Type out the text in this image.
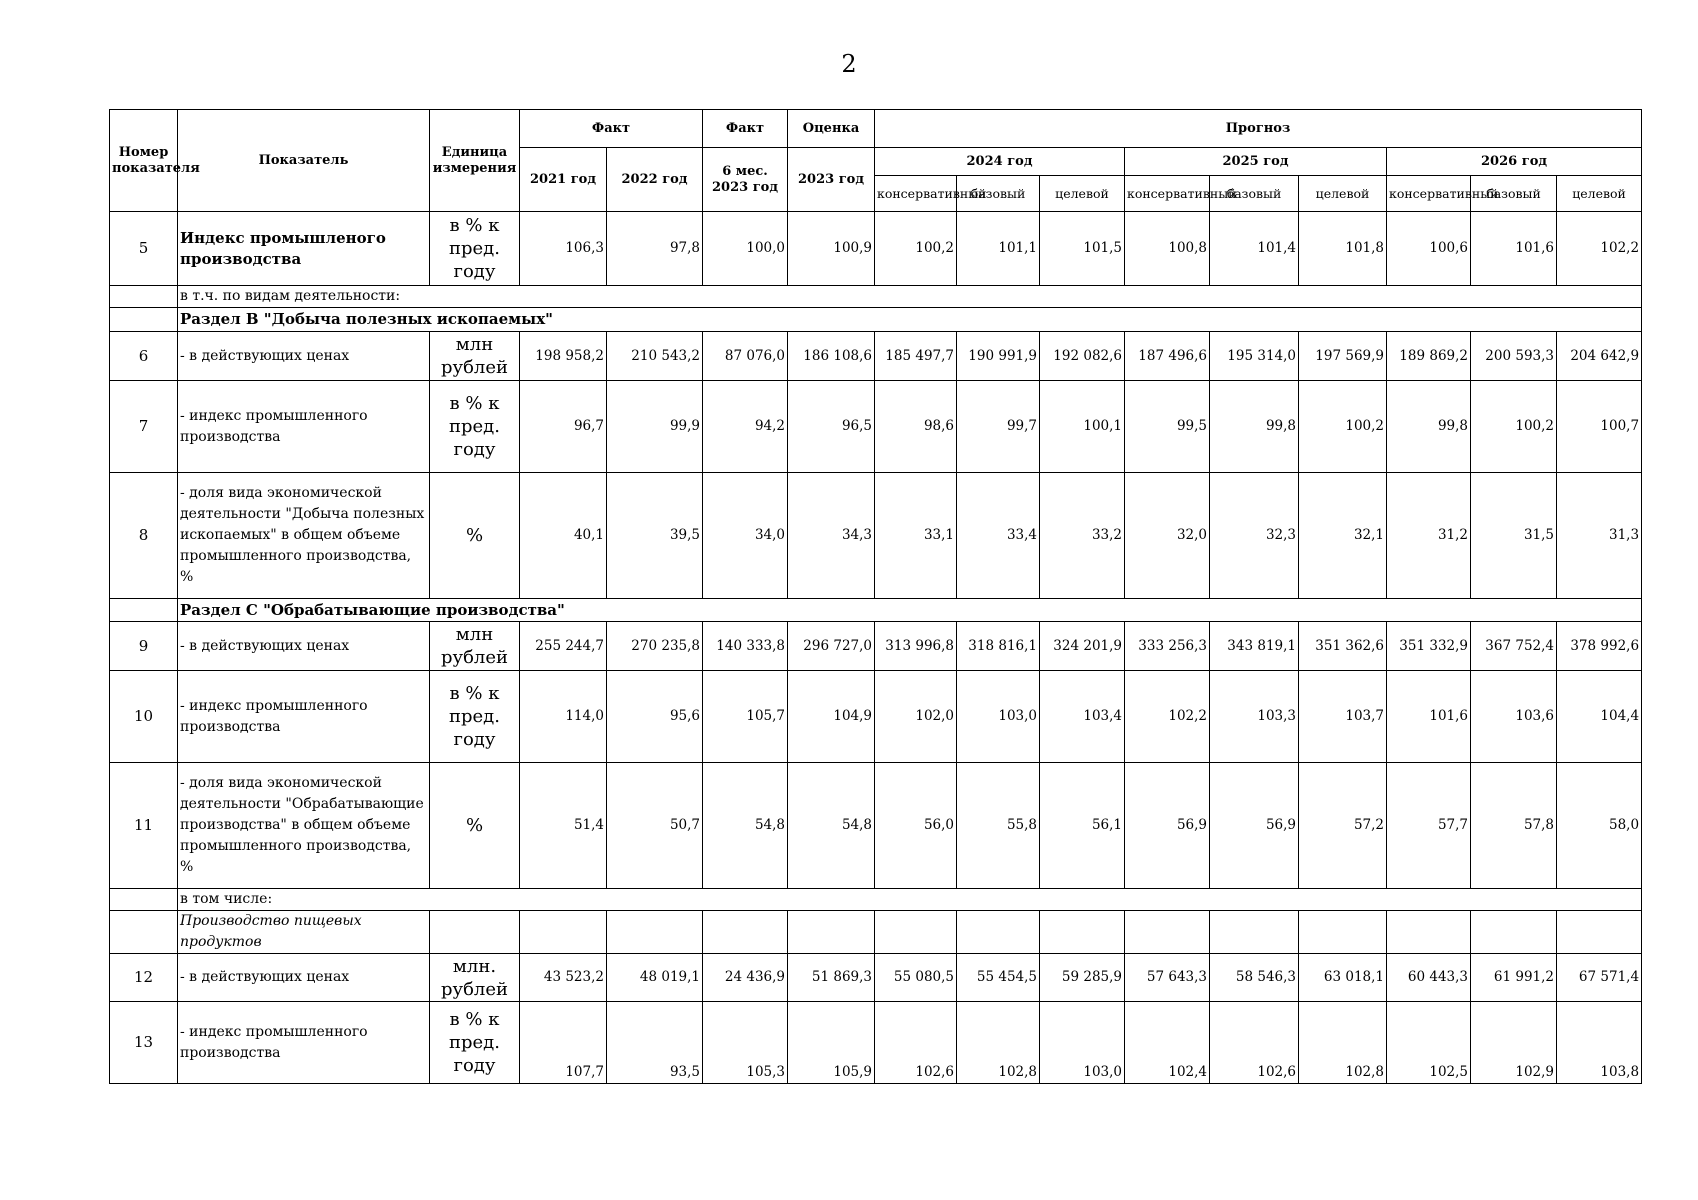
2
Номер показателя	Показатель	Единица измерения	Факт		Факт	Оценка	Прогноз								
			2021 год	2022 год	6 мес. 2023 год	2023 год	2024 год			2025 год			2026 год		
							консервативный	базовый	целевой	консервативный	базовый	целевой	консервативный	базовый	целевой
5	Индекс промышленого производства	в % к пред. году	106,3	97,8	100,0	100,9	100,2	101,1	101,5	100,8	101,4	101,8	100,6	101,6	102,2
	в т.ч. по видам деятельности:														
	Раздел B "Добыча полезных ископаемых"														
6	- в действующих ценах	млн рублей	198 958,2	210 543,2	87 076,0	186 108,6	185 497,7	190 991,9	192 082,6	187 496,6	195 314,0	197 569,9	189 869,2	200 593,3	204 642,9
7	- индекс промышленного производства	в % к пред. году	96,7	99,9	94,2	96,5	98,6	99,7	100,1	99,5	99,8	100,2	99,8	100,2	100,7
8	- доля вида экономической деятельности "Добыча полезных ископаемых" в общем объеме промышленного производства, %	%	40,1	39,5	34,0	34,3	33,1	33,4	33,2	32,0	32,3	32,1	31,2	31,5	31,3
	Раздел C "Обрабатывающие производства"														
9	- в действующих ценах	млн рублей	255 244,7	270 235,8	140 333,8	296 727,0	313 996,8	318 816,1	324 201,9	333 256,3	343 819,1	351 362,6	351 332,9	367 752,4	378 992,6
10	- индекс промышленного производства	в % к пред. году	114,0	95,6	105,7	104,9	102,0	103,0	103,4	102,2	103,3	103,7	101,6	103,6	104,4
11	- доля вида экономической деятельности "Обрабатывающие производства" в общем объеме промышленного производства, %	%	51,4	50,7	54,8	54,8	56,0	55,8	56,1	56,9	56,9	57,2	57,7	57,8	58,0
	в том числе:														
	Производство пищевых продуктов														
12	- в действующих ценах	млн. рублей	43 523,2	48 019,1	24 436,9	51 869,3	55 080,5	55 454,5	59 285,9	57 643,3	58 546,3	63 018,1	60 443,3	61 991,2	67 571,4
13	- индекс промышленного производства	в % к пред. году	107,7	93,5	105,3	105,9	102,6	102,8	103,0	102,4	102,6	102,8	102,5	102,9	103,8
